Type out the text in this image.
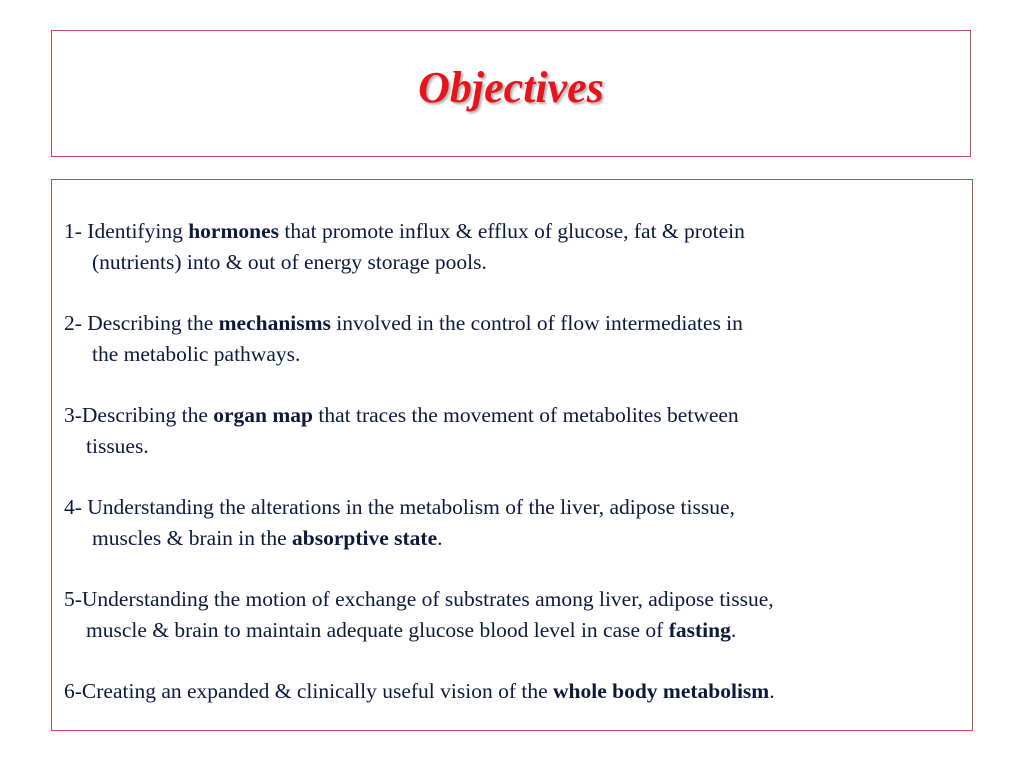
Objectives
1- Identifying hormones that promote influx & efflux of glucose, fat & protein
(nutrients) into & out of energy storage pools.
2- Describing the mechanisms involved in the control of flow intermediates in
the metabolic pathways.
3-Describing the organ map that traces the movement of metabolites between
tissues.
4- Understanding the alterations in the metabolism of the liver, adipose tissue,
muscles & brain in the absorptive state.
5-Understanding the motion of exchange of substrates among liver, adipose tissue,
muscle & brain to maintain adequate glucose blood level in case of fasting.
6-Creating an expanded & clinically useful vision of the whole body metabolism.
